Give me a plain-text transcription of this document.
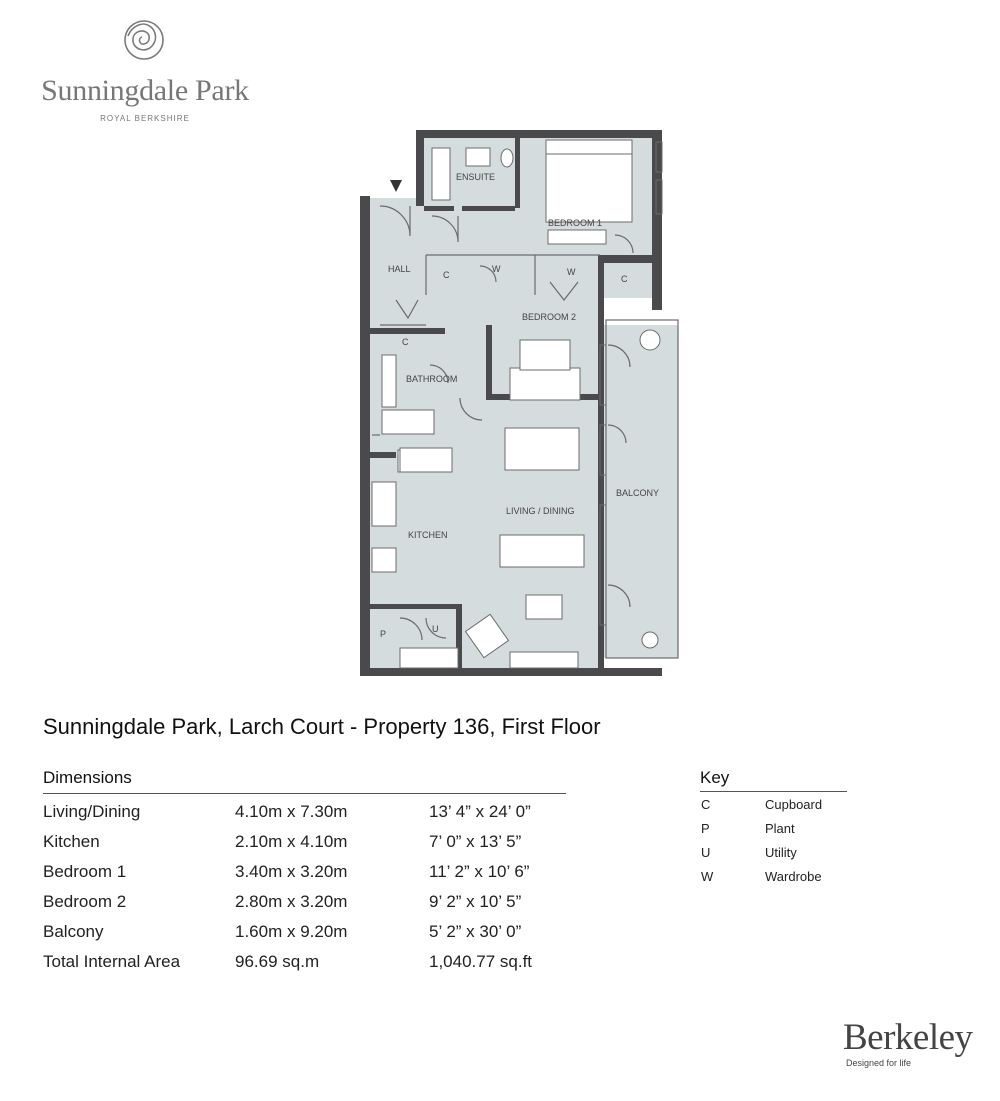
Sunningdale Park
ROYAL BERKSHIRE
ENSUITE
BEDROOM 1
HALL
BEDROOM 2
BATHROOM
LIVING / DINING
KITCHEN
BALCONY
C
C	C
W	W
P	U
Sunningdale Park, Larch Court - Property 136, First Floor
Dimensions
Living/Dining	4.10m x 7.30m	13’ 4” x 24’ 0”
Kitchen	2.10m x 4.10m	7’ 0” x 13’ 5”
Bedroom 1	3.40m x 3.20m	11’ 2” x 10’ 6”
Bedroom 2	2.80m x 3.20m	9’ 2” x 10’ 5”
Balcony	1.60m x 9.20m	5’ 2” x 30’ 0”
Total Internal Area	96.69 sq.m	1,040.77 sq.ft
Key
C	Cupboard
P	Plant
U	Utility
W	Wardrobe
Berkeley
Designed for life
